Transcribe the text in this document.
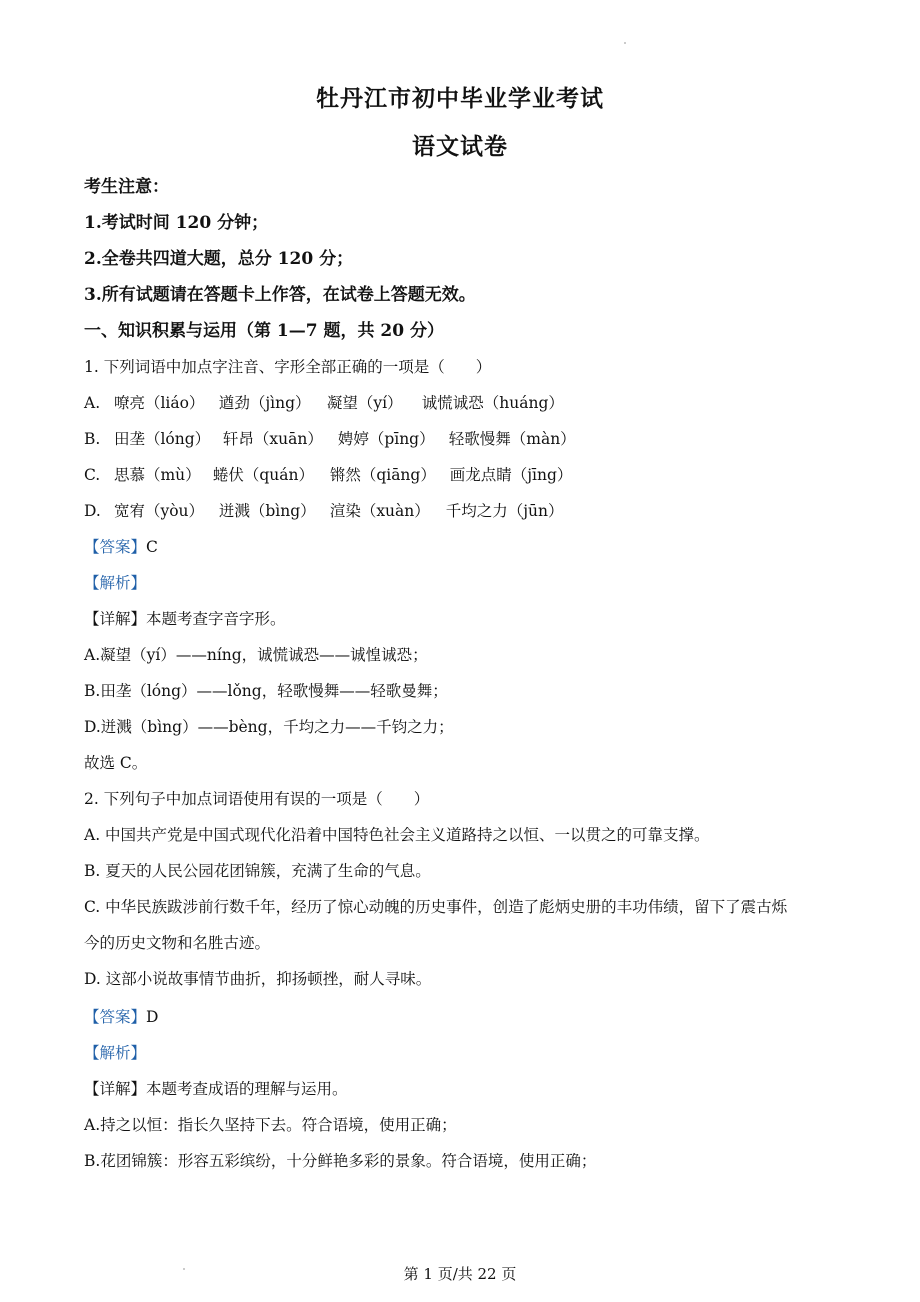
牡丹江市初中毕业学业考试
语文试卷
考生注意：
1.考试时间 120 分钟；
2.全卷共四道大题，总分 120 分；
3.所有试题请在答题卡上作答，在试卷上答题无效。
一、知识积累与运用（第 1—7 题，共 20 分）
1. 下列词语中加点字注音、字形全部正确的一项是（　　）
A. 嘹亮（liáo） 遒劲（jìng） 凝望（yí） 诚慌诚恐（huáng）
B. 田垄（lóng） 轩昂（xuān） 娉婷（pīng） 轻歌慢舞（màn）
C. 思慕（mù） 蜷伏（quán） 锵然（qiāng） 画龙点睛（jīng）
D. 宽宥（yòu） 迸溅（bìng） 渲染（xuàn） 千均之力（jūn）
【答案】C
【解析】
【详解】本题考查字音字形。
A.凝望（yí）——níng，诚慌诚恐——诚惶诚恐；
B.田垄（lóng）——lǒng，轻歌慢舞——轻歌曼舞；
D.迸溅（bìng）——bèng，千均之力——千钧之力；
故选 C。
2. 下列句子中加点词语使用有误的一项是（　　）
A. 中国共产党是中国式现代化沿着中国特色社会主义道路持之以恒、一以贯之的可靠支撑。
B. 夏天的人民公园花团锦簇，充满了生命的气息。
C. 中华民族跋涉前行数千年，经历了惊心动魄的历史事件，创造了彪炳史册的丰功伟绩，留下了震古烁
今的历史文物和名胜古迹。
D. 这部小说故事情节曲折，抑扬顿挫，耐人寻味。
【答案】D
【解析】
【详解】本题考查成语的理解与运用。
A.持之以恒：指长久坚持下去。符合语境，使用正确；
B.花团锦簇：形容五彩缤纷，十分鲜艳多彩的景象。符合语境，使用正确；
第 1 页/共 22 页
